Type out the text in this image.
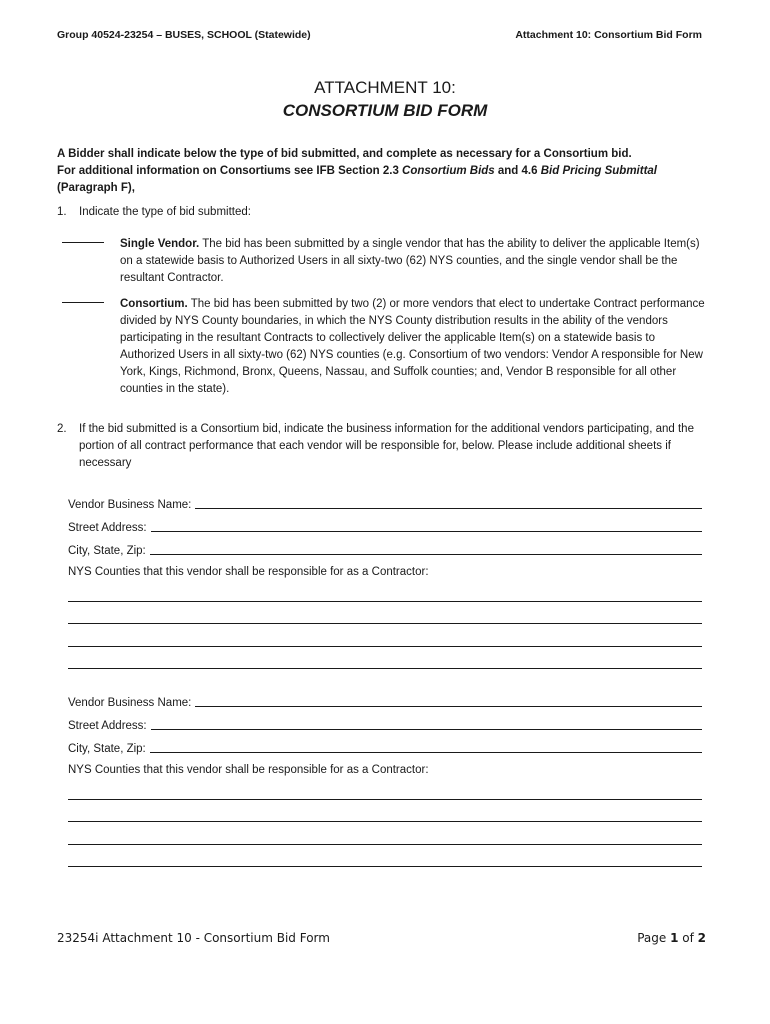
Group 40524-23254 – BUSES, SCHOOL (Statewide)	Attachment 10: Consortium Bid Form
ATTACHMENT 10:
CONSORTIUM BID FORM
A Bidder shall indicate below the type of bid submitted, and complete as necessary for a Consortium bid.
For additional information on Consortiums see IFB Section 2.3 Consortium Bids and 4.6 Bid Pricing Submittal
(Paragraph F),
1. Indicate the type of bid submitted:
Single Vendor. The bid has been submitted by a single vendor that has the ability to deliver the applicable Item(s) on a statewide basis to Authorized Users in all sixty-two (62) NYS counties, and the single vendor shall be the resultant Contractor.
Consortium. The bid has been submitted by two (2) or more vendors that elect to undertake Contract performance divided by NYS County boundaries, in which the NYS County distribution results in the ability of the vendors participating in the resultant Contracts to collectively deliver the applicable Item(s) on a statewide basis to Authorized Users in all sixty-two (62) NYS counties (e.g. Consortium of two vendors: Vendor A responsible for New York, Kings, Richmond, Bronx, Queens, Nassau, and Suffolk counties; and, Vendor B responsible for all other counties in the state).
2. If the bid submitted is a Consortium bid, indicate the business information for the additional vendors participating, and the portion of all contract performance that each vendor will be responsible for, below. Please include additional sheets if necessary
Vendor Business Name:
Street Address:
City, State, Zip:
NYS Counties that this vendor shall be responsible for as a Contractor:
Vendor Business Name:
Street Address:
City, State, Zip:
NYS Counties that this vendor shall be responsible for as a Contractor:
23254i Attachment 10 - Consortium Bid Form	Page 1 of 2
